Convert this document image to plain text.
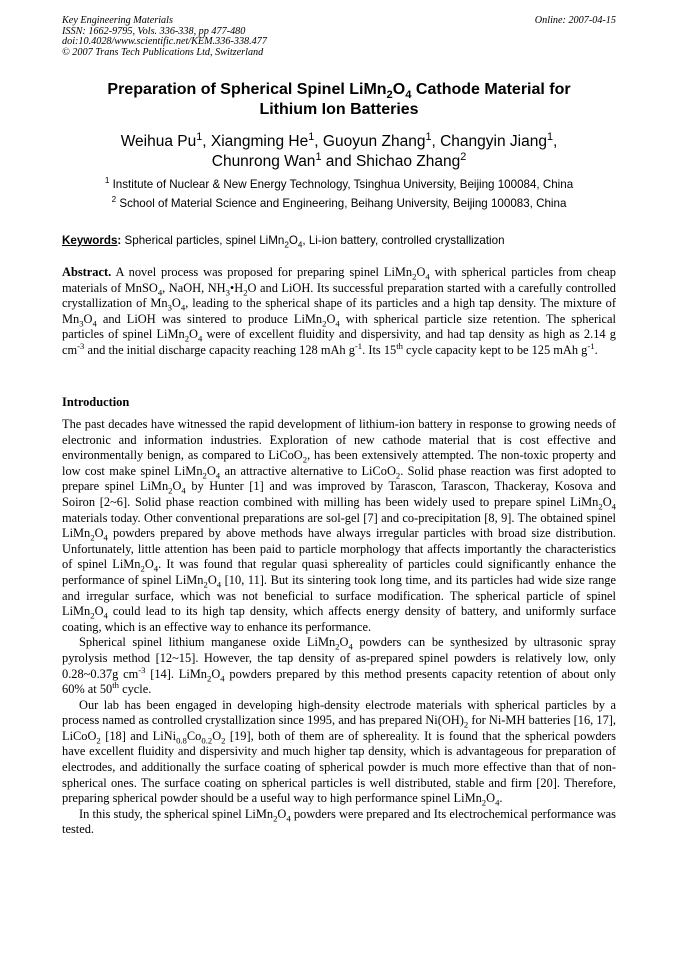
Key Engineering Materials
ISSN: 1662-9795, Vols. 336-338, pp 477-480
doi:10.4028/www.scientific.net/KEM.336-338.477
© 2007 Trans Tech Publications Ltd, Switzerland
Online: 2007-04-15
Preparation of Spherical Spinel $LiMn_2O_4$ Cathode Material for
Lithium Ion Batteries
Weihua Pu$^1$, Xiangming He$^1$, Guoyun Zhang$^1$, Changyin Jiang$^1$,
Chunrong Wan$^1$ and Shichao Zhang$^2$
$^1$ Institute of Nuclear & New Energy Technology, Tsinghua University, Beijing 100084, China
$^2$ School of Material Science and Engineering, Beihang University, Beijing 100083, China
Keywords: Spherical particles, spinel $LiMn_2O_4$, Li-ion battery, controlled crystallization
Abstract. A novel process was proposed for preparing spinel $LiMn_2O_4$ with spherical particles from cheap materials of MnSO$_4$, NaOH, $NH_3•H_2O$ and LiOH. Its successful preparation started with a carefully controlled crystallization of $Mn_3O_4$, leading to the spherical shape of its particles and a high tap density. The mixture of $Mn_3O_4$ and LiOH was sintered to produce $LiMn_2O_4$ with spherical particle size retention. The spherical particles of spinel $LiMn_2O_4$ were of excellent fluidity and dispersivity, and had tap density as high as 2.14 g $cm^{-3}$ and the initial discharge capacity reaching 128 mAh $g^{-1}$. Its 15th cycle capacity kept to be 125 mAh $g^{-1}$.
Introduction

The past decades have witnessed the rapid development of lithium-ion battery in response to growing needs of electronic and information industries. Exploration of new cathode material that is cost effective and environmentally benign, as compared to LiCoO$_2$, has been extensively attempted. The non-toxic property and low cost make spinel $LiMn_2O_4$ an attractive alternative to LiCoO$_2$. Solid phase reaction was first adopted to prepare spinel $LiMn_2O_4$ by Hunter [1] and was improved by Tarascon, Tarascon, Thackeray, Kosova and Soiron [2~6]. Solid phase reaction combined with milling has been widely used to prepare spinel $LiMn_2O_4$ materials today. Other conventional preparations are sol-gel [7] and co-precipitation [8, 9]. The obtained spinel $LiMn_2O_4$ powders prepared by above methods have always irregular particles with broad size distribution. Unfortunately, little attention has been paid to particle morphology that affects importantly the characteristics of spinel $LiMn_2O_4$. It was found that regular quasi sphereality of particles could significantly enhance the performance of spinel $LiMn_2O_4$ [10, 11]. But its sintering took long time, and its particles had wide size range and irregular surface, which was not beneficial to surface modification. The spherical particle of spinel $LiMn_2O_4$ could lead to its high tap density, which affects energy density of battery, and uniformly surface coating, which is an effective way to enhance its performance.

Spherical spinel lithium manganese oxide $LiMn_2O_4$ powders can be synthesized by ultrasonic spray pyrolysis method [12~15]. However, the tap density of as-prepared spinel powders is relatively low, only 0.28~0.37g $cm^{-3}$ [14]. $LiMn_2O_4$ powders prepared by this method presents capacity retention of about only 60% at 50th cycle.

Our lab has been engaged in developing high-density electrode materials with spherical particles by a process named as controlled crystallization since 1995, and has prepared $Ni(OH)_2$ for Ni-MH batteries [16, 17], LiCoO$_2$ [18] and $LiNi_{0.8}Co_{0.2}O_2$ [19], both of them are of sphereality. It is found that the spherical powders have excellent fluidity and dispersivity and much higher tap density, which is advantageous for preparation of electrodes, and additionally the surface coating of spherical powder is much more effective than that of non-spherical ones. The surface coating on spherical particles is well distributed, stable and firm [20]. Therefore, preparing spherical powder should be a useful way to high performance spinel $LiMn_2O_4$.

In this study, the spherical spinel $LiMn_2O_4$ powders were prepared and Its electrochemical performance was tested.
